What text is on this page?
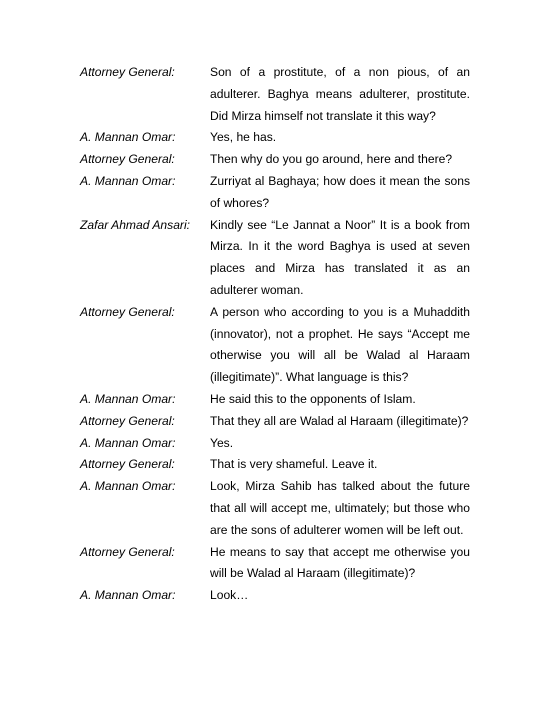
Attorney General:	Son of a prostitute, of a non pious, of an adulterer. Baghya means adulterer, prostitute. Did Mirza himself not translate it this way?
A. Mannan Omar:	Yes, he has.
Attorney General:	Then why do you go around, here and there?
A. Mannan Omar:	Zurriyat al Baghaya; how does it mean the sons of whores?
Zafar Ahmad Ansari:	Kindly see “Le Jannat a Noor” It is a book from Mirza. In it the word Baghya is used at seven places and Mirza has translated it as an adulterer woman.
Attorney General:	A person who according to you is a Muhaddith (innovator), not a prophet. He says “Accept me otherwise you will all be Walad al Haraam (illegitimate)”. What language is this?
A. Mannan Omar:	He said this to the opponents of Islam.
Attorney General:	That they all are Walad al Haraam (illegitimate)?
A. Mannan Omar:	Yes.
Attorney General:	That is very shameful. Leave it.
A. Mannan Omar:	Look, Mirza Sahib has talked about the future that all will accept me, ultimately; but those who are the sons of adulterer women will be left out.
Attorney General:	He means to say that accept me otherwise you will be Walad al Haraam (illegitimate)?
A. Mannan Omar:	Look…
